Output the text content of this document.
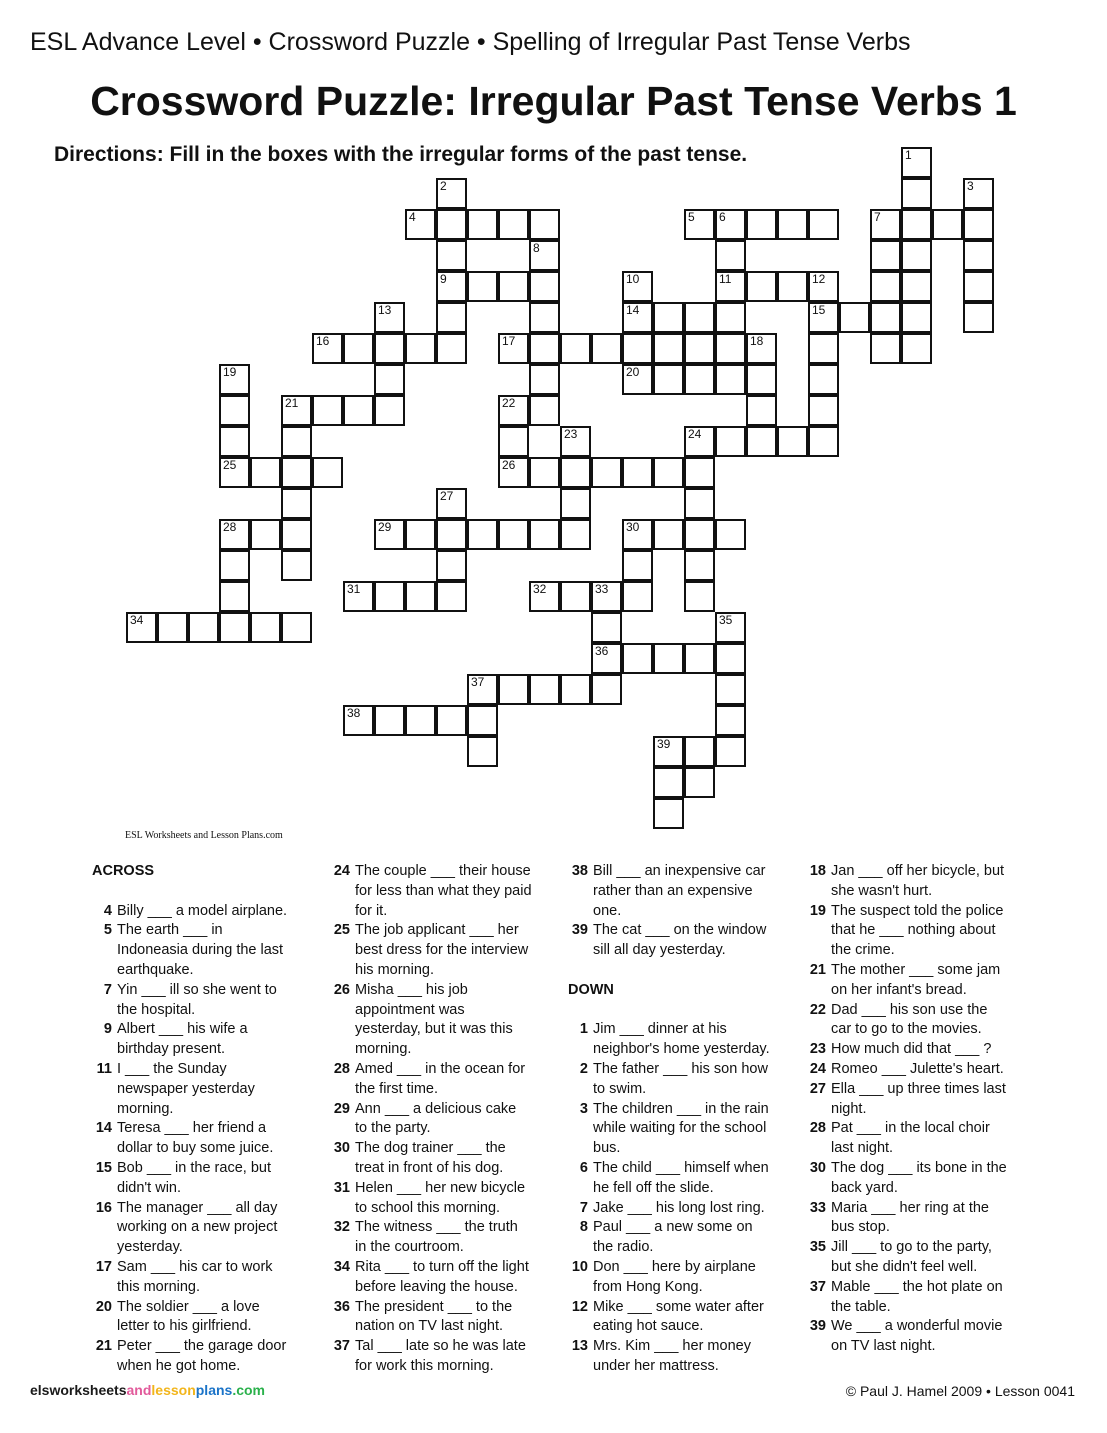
ESL Advance Level • Crossword Puzzle • Spelling of Irregular Past Tense Verbs
Crossword Puzzle: Irregular Past Tense Verbs 1
Directions: Fill in the boxes with the irregular forms of the past tense.	1
2
9
3
4	5 6	7
8
10
14
20
11	12
15
13
16	17	18
19
21	22
23	24
25	26
27
28	29	30
31	32	33
36
34	35
37
38
39
ESL Worksheets and Lesson Plans.com
ACROSS
4 Billy ___ a model airplane.
5 The earth ___ in
Indoneasia during the last
earthquake.
7 Yin ___ ill so she went to
the hospital.
9 Albert ___ his wife a
birthday present.
11 I ___ the Sunday
newspaper yesterday
morning.
14 Teresa ___ her friend a
dollar to buy some juice.
15 Bob ___ in the race, but
didn't win.
16 The manager ___ all day
working on a new project
yesterday.
17 Sam ___ his car to work
this morning.
20 The soldier ___ a love
letter to his girlfriend.
21 Peter ___ the garage door
when he got home.
24 The couple ___ their house
for less than what they paid
for it.
25 The job applicant ___ her
best dress for the interview
his morning.
26 Misha ___ his job
appointment was
yesterday, but it was this
morning.
28 Amed ___ in the ocean for
the first time.
29 Ann ___ a delicious cake
to the party.
30 The dog trainer ___ the
treat in front of his dog.
31 Helen ___ her new bicycle
to school this morning.
32 The witness ___ the truth
in the courtroom.
34 Rita ___ to turn off the light
before leaving the house.
36 The president ___ to the
nation on TV last night.
37 Tal ___ late so he was late
for work this morning.
38 Bill ___ an inexpensive car
rather than an expensive
one.
39 The cat ___ on the window
sill all day yesterday.
DOWN
1 Jim ___ dinner at his
neighbor's home yesterday.
2 The father ___ his son how
to swim.
3 The children ___ in the rain
while waiting for the school
bus.
6 The child ___ himself when
he fell off the slide.
7 Jake ___ his long lost ring.
8 Paul ___ a new some on
the radio.
10 Don ___ here by airplane
from Hong Kong.
12 Mike ___ some water after
eating hot sauce.
13 Mrs. Kim ___ her money
under her mattress.
18 Jan ___ off her bicycle, but
she wasn't hurt.
19 The suspect told the police
that he ___ nothing about
the crime.
21 The mother ___ some jam
on her infant's bread.
22 Dad ___ his son use the
car to go to the movies.
23 How much did that ___ ?
24 Romeo ___ Julette's heart.
27 Ella ___ up three times last
night.
28 Pat ___ in the local choir
last night.
30 The dog ___ its bone in the
back yard.
33 Maria ___ her ring at the
bus stop.
35 Jill ___ to go to the party,
but she didn't feel well.
37 Mable ___ the hot plate on
the table.
39 We ___ a wonderful movie
on TV last night.
elsworksheetsandlessonplans.com	© Paul J. Hamel 2009 • Lesson 0041
